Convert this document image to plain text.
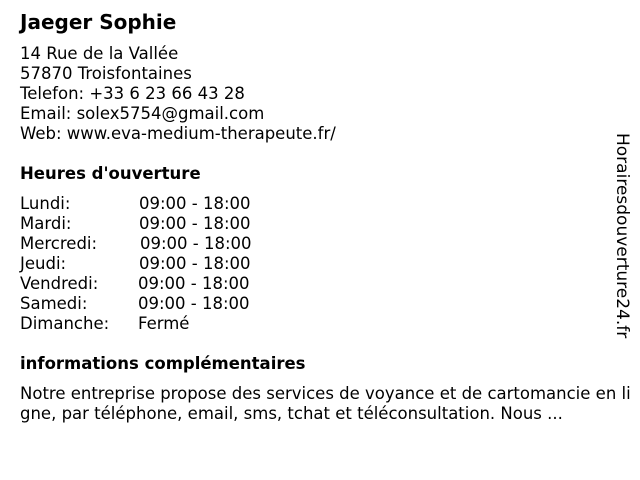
Jaeger Sophie
14 Rue de la Vallée
57870 Troisfontaines
Telefon: +33 6 23 66 43 28
Email: solex5754@gmail.com
Web: www.eva-medium-therapeute.fr/
Heures d'ouverture
Lundi:	09:00 - 18:00
Mardi:	09:00 - 18:00
Mercredi:	09:00 - 18:00
Jeudi:	09:00 - 18:00
Vendredi: 09:00 - 18:00
Samedi:	09:00 - 18:00
Dimanche: Fermé
informations complémentaires
Notre entreprise propose des services de voyance et de cartomancie en ligne, par téléphone, email, sms, tchat et téléconsultation. Nous ...
Horairesdouverture24.fr
